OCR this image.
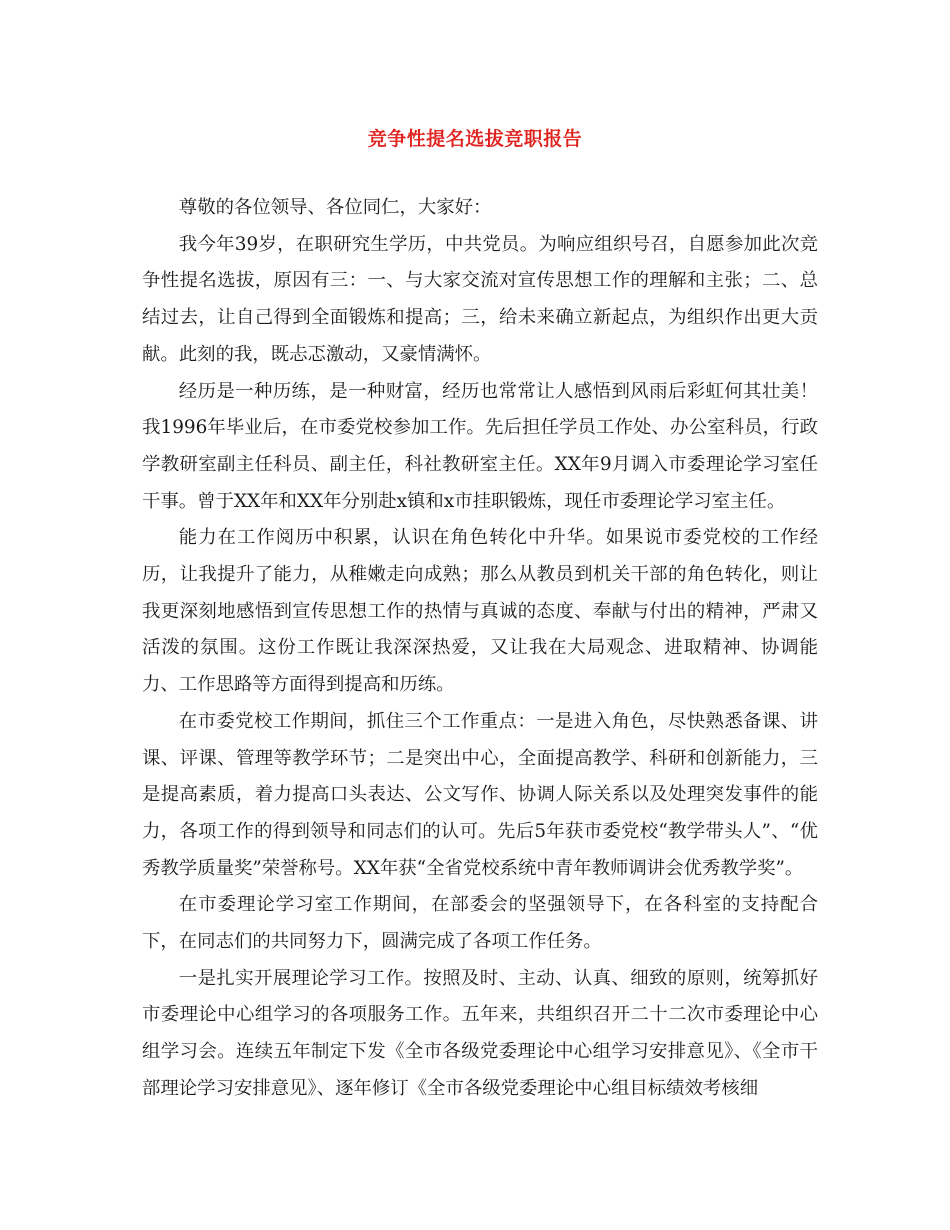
竞争性提名选拔竞职报告

尊敬的各位领导、各位同仁，大家好：

我今年39岁，在职研究生学历，中共党员。为响应组织号召，自愿参加此次竞争性提名选拔，原因有三：一、与大家交流对宣传思想工作的理解和主张；二、总结过去，让自己得到全面锻炼和提高；三，给未来确立新起点，为组织作出更大贡献。此刻的我，既忐忑激动，又豪情满怀。

经历是一种历练，是一种财富，经历也常常让人感悟到风雨后彩虹何其壮美！我1996年毕业后，在市委党校参加工作。先后担任学员工作处、办公室科员，行政学教研室副主任科员、副主任，科社教研室主任。XX年9月调入市委理论学习室任干事。曾于XX年和XX年分别赴x镇和x市挂职锻炼，现任市委理论学习室主任。

能力在工作阅历中积累，认识在角色转化中升华。如果说市委党校的工作经历，让我提升了能力，从稚嫩走向成熟；那么从教员到机关干部的角色转化，则让我更深刻地感悟到宣传思想工作的热情与真诚的态度、奉献与付出的精神，严肃又活泼的氛围。这份工作既让我深深热爱，又让我在大局观念、进取精神、协调能力、工作思路等方面得到提高和历练。

在市委党校工作期间，抓住三个工作重点：一是进入角色，尽快熟悉备课、讲课、评课、管理等教学环节；二是突出中心，全面提高教学、科研和创新能力，三是提高素质，着力提高口头表达、公文写作、协调人际关系以及处理突发事件的能力，各项工作的得到领导和同志们的认可。先后5年获市委党校“教学带头人”、“优秀教学质量奖”荣誉称号。XX年获“全省党校系统中青年教师调讲会优秀教学奖”。

在市委理论学习室工作期间，在部委会的坚强领导下，在各科室的支持配合下，在同志们的共同努力下，圆满完成了各项工作任务。

一是扎实开展理论学习工作。按照及时、主动、认真、细致的原则，统筹抓好市委理论中心组学习的各项服务工作。五年来，共组织召开二十二次市委理论中心组学习会。连续五年制定下发《全市各级党委理论中心组学习安排意见》、《全市干部理论学习安排意见》、逐年修订《全市各级党委理论中心组目标绩效考核细
